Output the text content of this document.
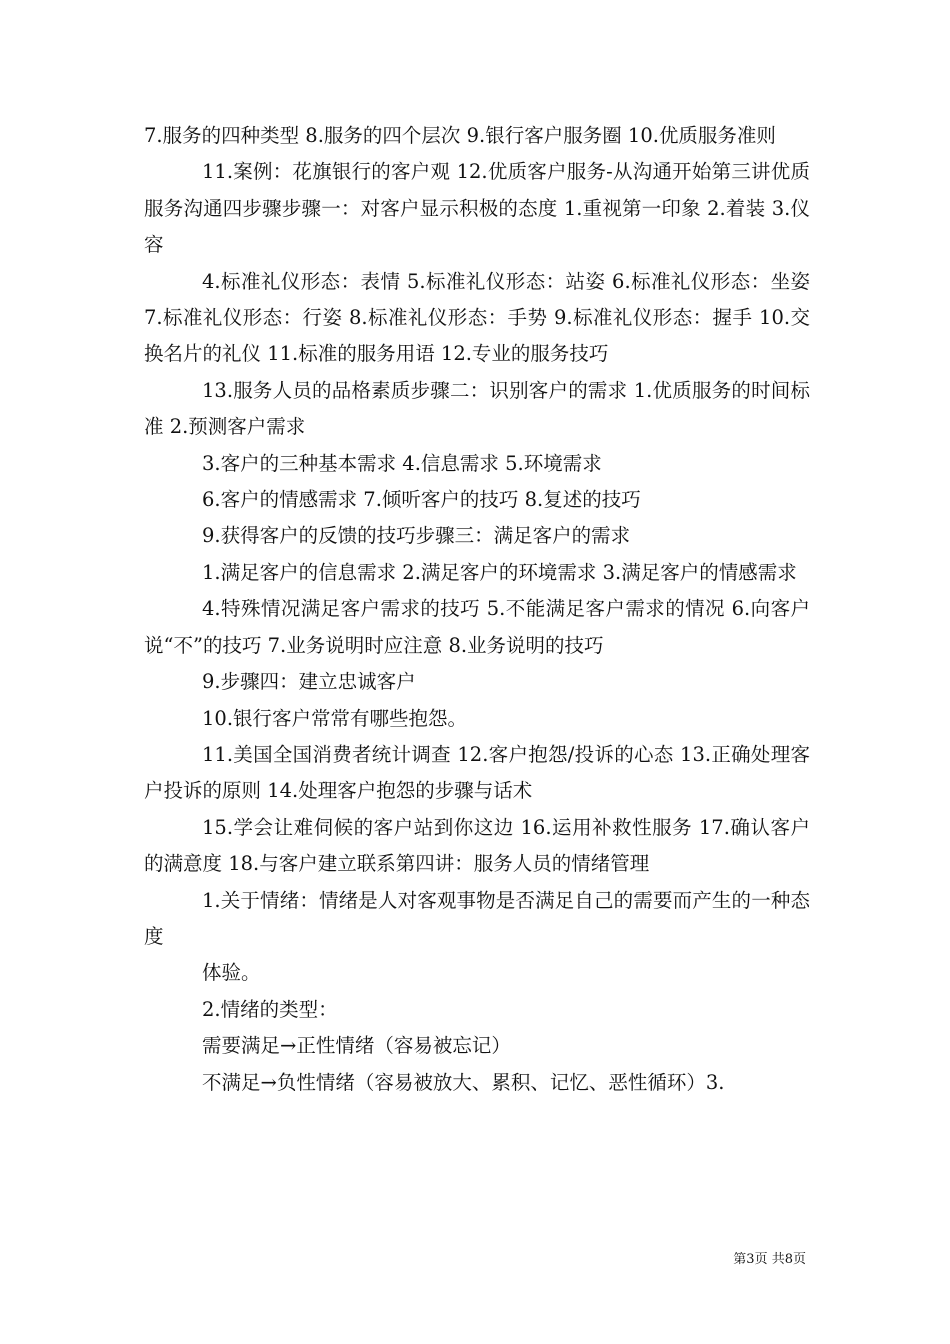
7.服务的四种类型 8.服务的四个层次 9.银行客户服务圈 10.优质服务准则

11.案例：花旗银行的客户观 12.优质客户服务-从沟通开始第三讲优质服务沟通四步骤步骤一：对客户显示积极的态度 1.重视第一印象 2.着装 3.仪容

4.标准礼仪形态：表情 5.标准礼仪形态：站姿 6.标准礼仪形态：坐姿 7.标准礼仪形态：行姿 8.标准礼仪形态：手势 9.标准礼仪形态：握手 10.交换名片的礼仪 11.标准的服务用语 12.专业的服务技巧

13.服务人员的品格素质步骤二：识别客户的需求 1.优质服务的时间标准 2.预测客户需求

3.客户的三种基本需求 4.信息需求 5.环境需求

6.客户的情感需求 7.倾听客户的技巧 8.复述的技巧

9.获得客户的反馈的技巧步骤三：满足客户的需求

1.满足客户的信息需求 2.满足客户的环境需求 3.满足客户的情感需求

4.特殊情况满足客户需求的技巧 5.不能满足客户需求的情况 6.向客户说“不”的技巧 7.业务说明时应注意 8.业务说明的技巧

9.步骤四：建立忠诚客户

10.银行客户常常有哪些抱怨。

11.美国全国消费者统计调查 12.客户抱怨/投诉的心态 13.正确处理客户投诉的原则 14.处理客户抱怨的步骤与话术

15.学会让难伺候的客户站到你这边 16.运用补救性服务 17.确认客户的满意度 18.与客户建立联系第四讲：服务人员的情绪管理

1.关于情绪：情绪是人对客观事物是否满足自己的需要而产生的一种态度

体验。

2.情绪的类型：

需要满足→正性情绪（容易被忘记）

不满足→负性情绪（容易被放大、累积、记忆、恶性循环）3.

第3页 共8页
